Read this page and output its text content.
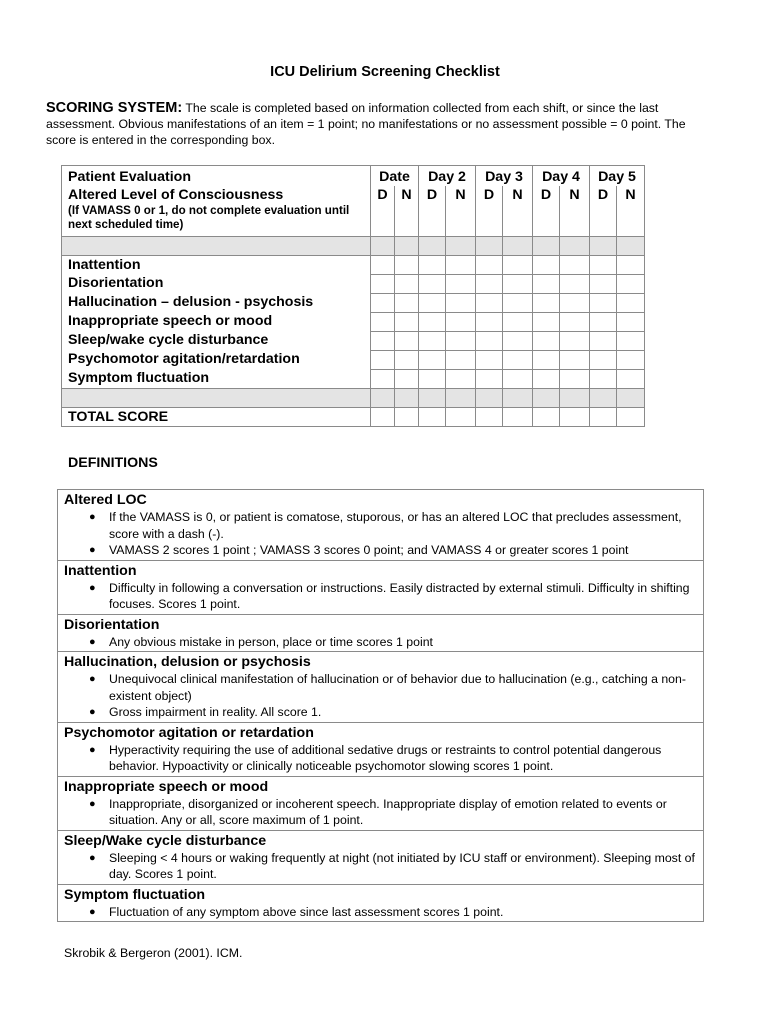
ICU Delirium Screening Checklist
SCORING SYSTEM: The scale is completed based on information collected from each shift, or since the last assessment. Obvious manifestations of an item = 1 point; no manifestations or no assessment possible = 0 point. The score is entered in the corresponding box.
Patient Evaluation
Altered Level of Consciousness
(If VAMASS 0 or 1, do not complete evaluation until next scheduled time)	Date		Day 2		Day 3		Day 4		Day 5	
	D	N	D	N	D	N	D	N	D	N

Inattention										
Disorientation										
Hallucination – delusion - psychosis										
Inappropriate speech or mood										
Sleep/wake cycle disturbance										
Psychomotor agitation/retardation										
Symptom fluctuation										

TOTAL SCORE										
DEFINITIONS
Altered LOC
● If the VAMASS is 0, or patient is comatose, stuporous, or has an altered LOC that precludes assessment, score with a dash (-).
● VAMASS 2 scores 1 point ; VAMASS 3 scores 0 point; and VAMASS 4 or greater scores 1 point
Inattention
● Difficulty in following a conversation or instructions. Easily distracted by external stimuli. Difficulty in shifting focuses. Scores 1 point.
Disorientation
● Any obvious mistake in person, place or time scores 1 point
Hallucination, delusion or psychosis
● Unequivocal clinical manifestation of hallucination or of behavior due to hallucination (e.g., catching a non-existent object)
● Gross impairment in reality. All score 1.
Psychomotor agitation or retardation
● Hyperactivity requiring the use of additional sedative drugs or restraints to control potential dangerous behavior. Hypoactivity or clinically noticeable psychomotor slowing scores 1 point.
Inappropriate speech or mood
● Inappropriate, disorganized or incoherent speech. Inappropriate display of emotion related to events or situation. Any or all, score maximum of 1 point.
Sleep/Wake cycle disturbance
● Sleeping < 4 hours or waking frequently at night (not initiated by ICU staff or environment). Sleeping most of day. Scores 1 point.
Symptom fluctuation
● Fluctuation of any symptom above since last assessment scores 1 point.
Skrobik & Bergeron (2001). ICM.
